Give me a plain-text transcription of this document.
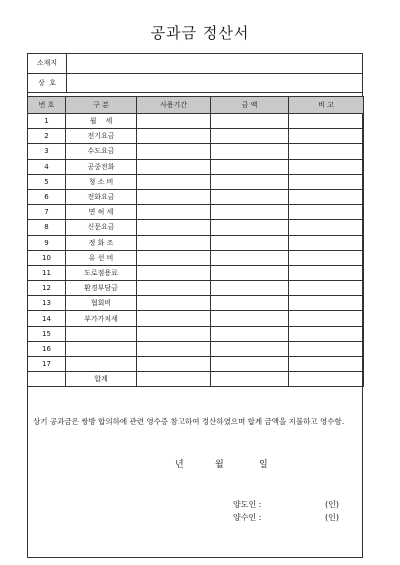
공과금 정산서
소재지	
상  호	
번 호	구 분	사용기간	금 액	비 고
1	월    세			
2	전기요금			
3	수도요금			
4	공중전화			
5	청 소 비			
6	전화요금			
7	면 허 세			
8	신문요금			
9	정 화 조			
10	유 선 비			
11	도로점용료			
12	환경부담금			
13	협회비			
14	부가가치세			
15				
16				
17				
	합계			
상기 공과금은 쌍방 합의하에 관련 영수증 참고하여 정산하였으며 합계 금액을 지불하고 영수함.
년	월	일
양도인 :	(인)
양수인 :	(인)
